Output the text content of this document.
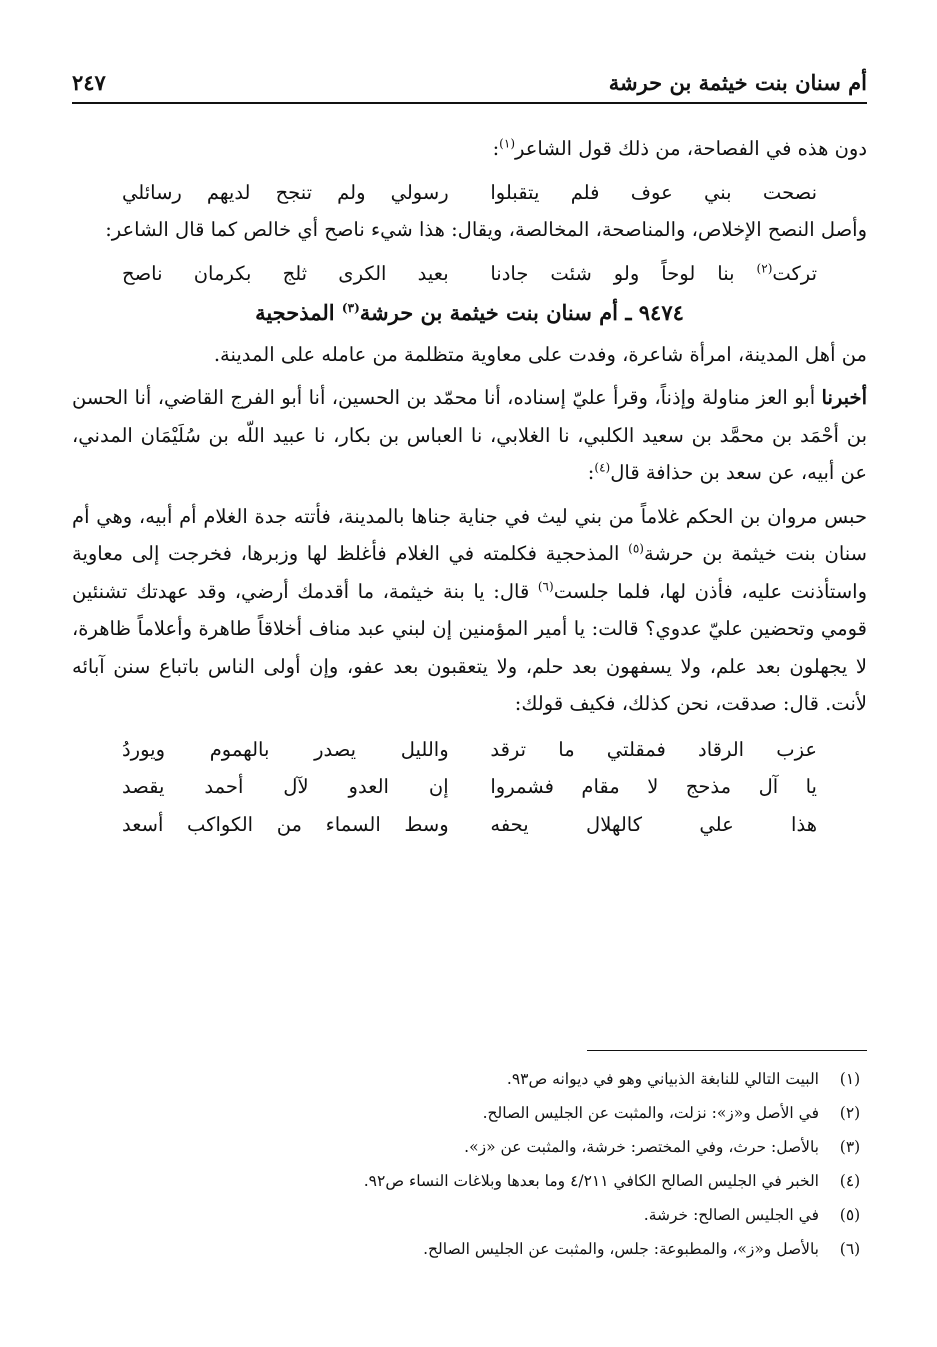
أم سنان بنت خيثمة بن حرشة
٢٤٧

دون هذه في الفصاحة، من ذلك قول الشاعر$^{(١)}$:

نصحت بني عوف فلم يتقبلوا
رسولي ولم تنجح لديهم رسائلي

وأصل النصح الإخلاص، والمناصحة، المخالصة، ويقال: هذا شيء ناصح أي خالص كما قال الشاعر:

تركت$^{(٢)}$ بنا لوحاً ولو شئت جادنا
بعيد الكرى ثلج بكرمان ناصح
٩٤٧٤ ـ أم سنان بنت خيثمة بن حرشة$^{(٣)}$ المذحجية

من أهل المدينة، امرأة شاعرة، وفدت على معاوية متظلمة من عامله على المدينة.

أخبرنا أبو العز مناولة وإذناً، وقرأ عليّ إسناده، أنا محمّد بن الحسين، أنا أبو الفرج القاضي، أنا الحسن بن أحْمَد بن محمَّد بن سعيد الكلبي، نا الغلابي، نا العباس بن بكار، نا عبيد اللّه بن سُلَيْمَان المدني، عن أبيه، عن سعد بن حذافة قال$^{(٤)}$:

حبس مروان بن الحكم غلاماً من بني ليث في جناية جناها بالمدينة، فأتته جدة الغلام أم أبيه، وهي أم سنان بنت خيثمة بن حرشة$^{(٥)}$ المذحجية فكلمته في الغلام فأغلظ لها وزبرها، فخرجت إلى معاوية واستأذنت عليه، فأذن لها، فلما جلست$^{(٦)}$ قال: يا بنة خيثمة، ما أقدمك أرضي، وقد عهدتك تشنئين قومي وتحضين عليّ عدوي؟ قالت: يا أمير المؤمنين إن لبني عبد مناف أخلاقاً طاهرة وأعلاماً ظاهرة، لا يجهلون بعد علم، ولا يسفهون بعد حلم، ولا يتعقبون بعد عفو، وإن أولى الناس باتباع سنن آبائه لأنت. قال: صدقت، نحن كذلك، فكيف قولك:

عزب الرقاد فمقلتي ما ترقد
والليل يصدر بالهموم ويوردُ
يا آل مذحج لا مقام فشمروا
إن العدو لآل أحمد يقصد
هذا علي كالهلال يحفه
وسط السماء من الكواكب أسعد
(١)
البيت التالي للنابغة الذبياني وهو في ديوانه ص٩٣.
(٢)
في الأصل و«ز»: نزلت، والمثبت عن الجليس الصالح.
(٣)
بالأصل: حرث، وفي المختصر: خرشة، والمثبت عن «ز».
(٤)
الخبر في الجليس الصالح الكافي ٤/٢١١ وما بعدها وبلاغات النساء ص٩٢.
(٥)
في الجليس الصالح: خرشة.
(٦)
بالأصل و«ز»، والمطبوعة: جلس، والمثبت عن الجليس الصالح.
